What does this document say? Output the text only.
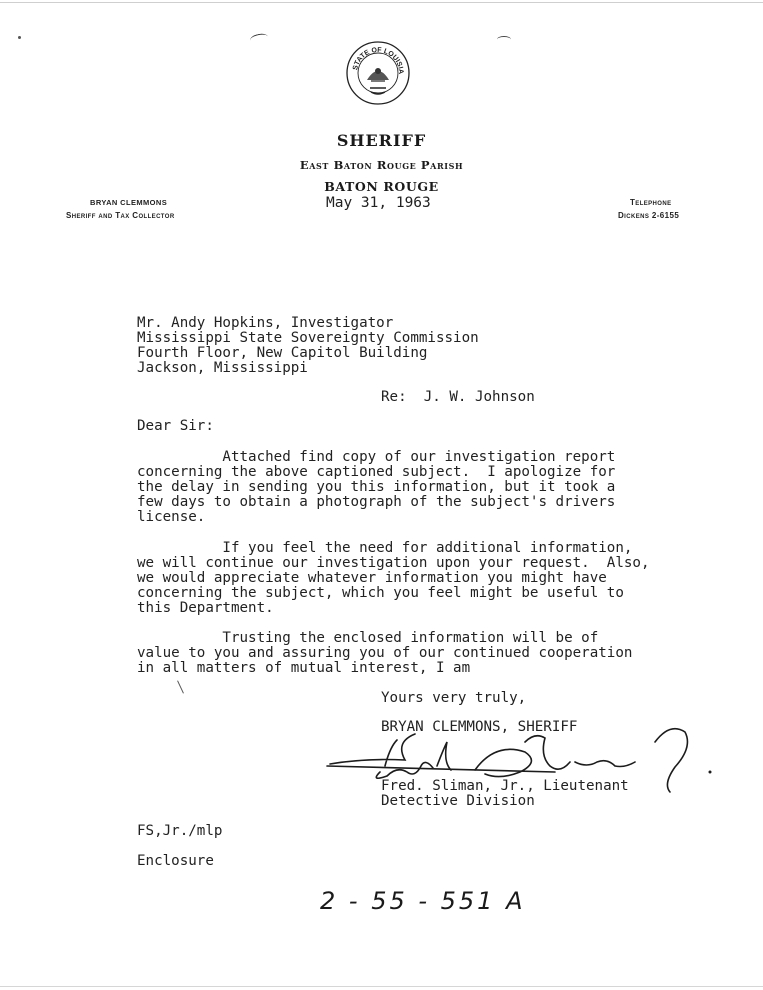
STATE OF LOUISIA
SHERIFF
East Baton Rouge Parish
BATON ROUGE
May 31, 1963
BRYAN CLEMMONS
Sheriff and Tax Collector
Telephone
Dickens 2-6155
Mr. Andy Hopkins, Investigator
Mississippi State Sovereignty Commission
Fourth Floor, New Capitol Building
Jackson, Mississippi
Re:  J. W. Johnson
Dear Sir:
Attached find copy of our investigation report
concerning the above captioned subject.  I apologize for
the delay in sending you this information, but it took a
few days to obtain a photograph of the subject's drivers
license.
If you feel the need for additional information,
we will continue our investigation upon your request.  Also,
we would appreciate whatever information you might have
concerning the subject, which you feel might be useful to
this Department.
Trusting the enclosed information will be of
value to you and assuring you of our continued cooperation
in all matters of mutual interest, I am
Yours very truly,
BRYAN CLEMMONS, SHERIFF
Fred. Sliman, Jr., Lieutenant
Detective Division
FS,Jr./mlp
Enclosure
2 - 55 - 551 A
